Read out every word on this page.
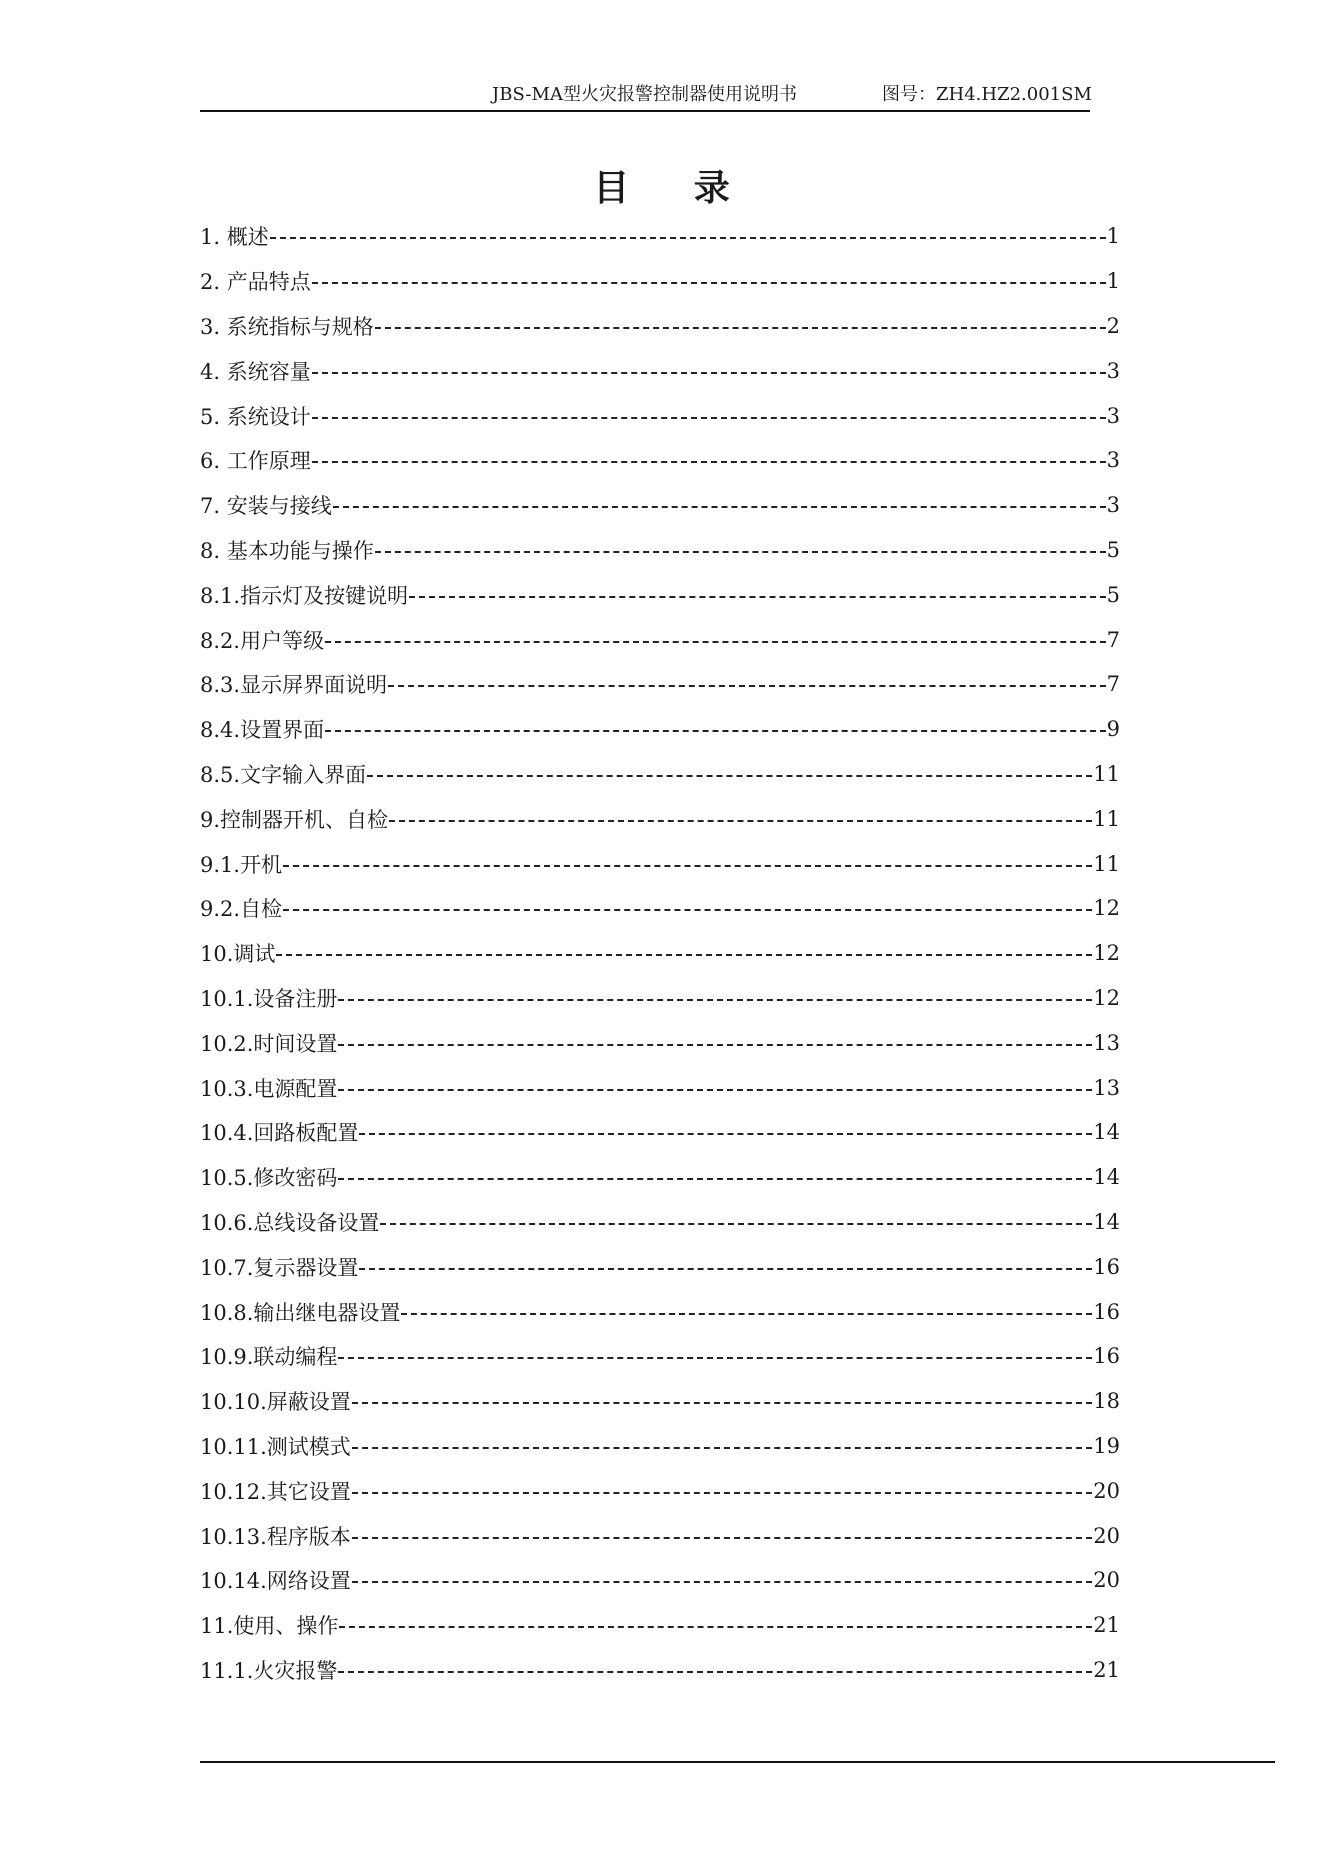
JBS-MA型火灾报警控制器使用说明书	图号：ZH4.HZ2.001SM
目 录
1. 概述	1
2. 产品特点	1
3. 系统指标与规格	2
4. 系统容量	3
5. 系统设计	3
6. 工作原理	3
7. 安装与接线	3
8. 基本功能与操作	5
8.1.指示灯及按键说明	5
8.2.用户等级	7
8.3.显示屏界面说明	7
8.4.设置界面	9
8.5.文字输入界面	11
9.控制器开机、自检	11
9.1.开机	11
9.2.自检	12
10.调试	12
10.1.设备注册	12
10.2.时间设置	13
10.3.电源配置	13
10.4.回路板配置	14
10.5.修改密码	14
10.6.总线设备设置	14
10.7.复示器设置	16
10.8.输出继电器设置	16
10.9.联动编程	16
10.10.屏蔽设置	18
10.11.测试模式	19
10.12.其它设置	20
10.13.程序版本	20
10.14.网络设置	20
11.使用、操作	21
11.1.火灾报警	21
